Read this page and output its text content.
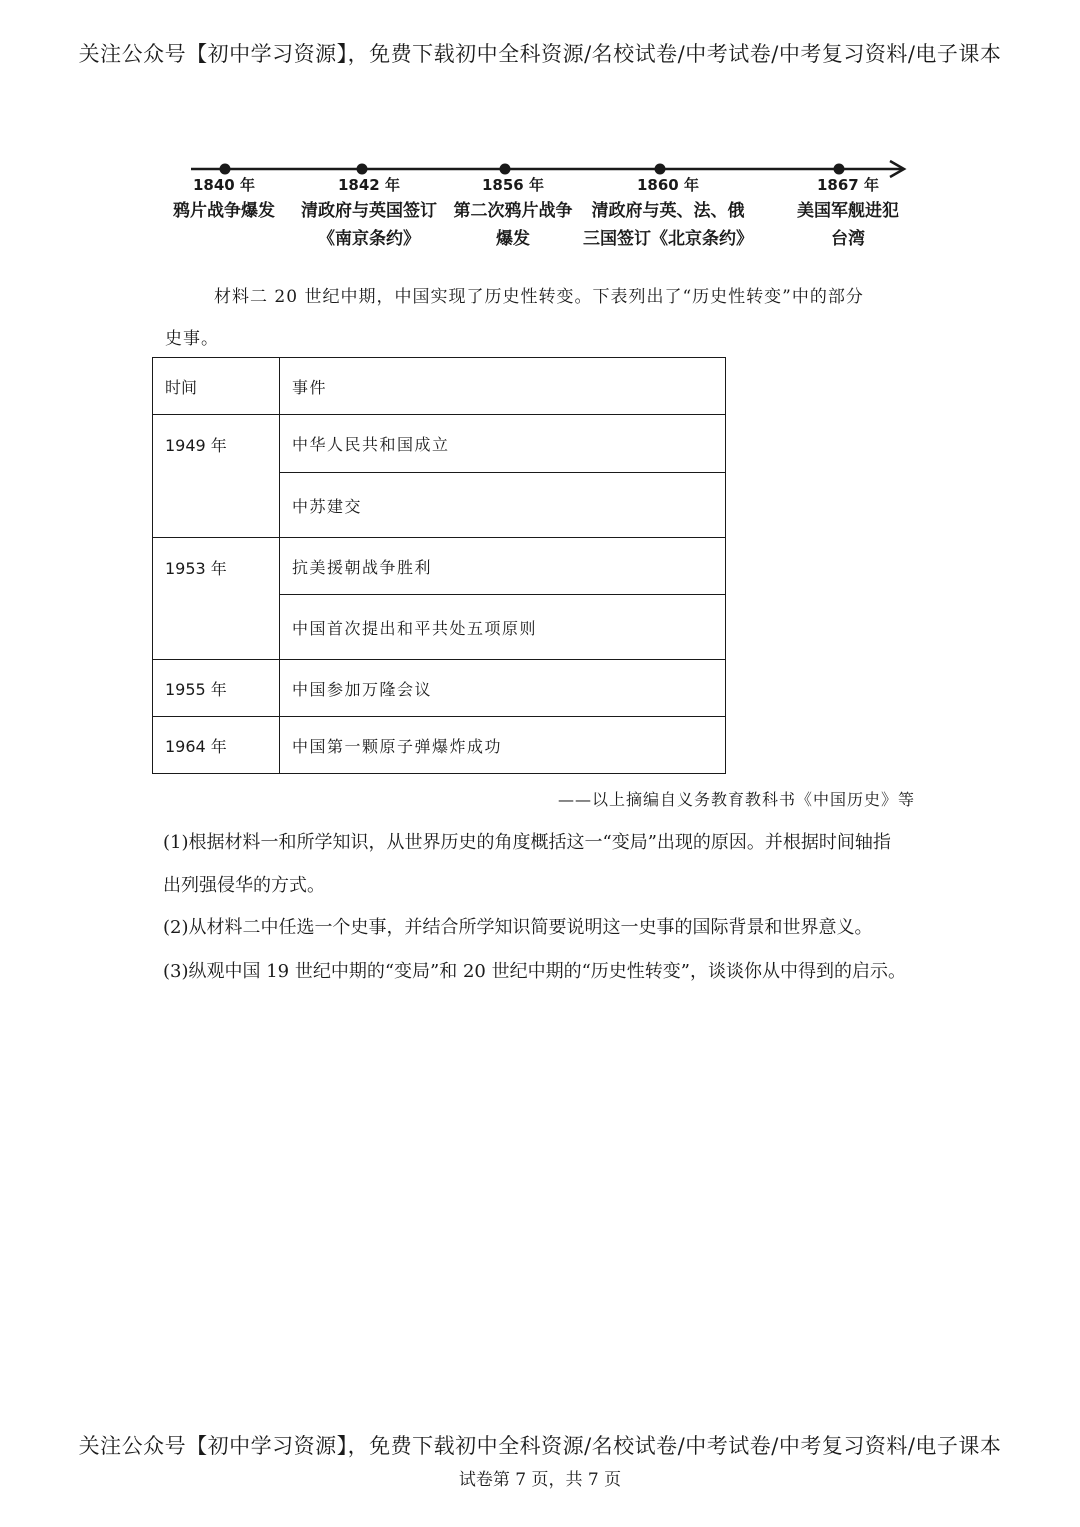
关注公众号【初中学习资源】，免费下载初中全科资源/名校试卷/中考试卷/中考复习资料/电子课本
1840 年
鸦片战争爆发
1842 年
清政府与英国签订
《南京条约》
1856 年
第二次鸦片战争
爆发
1860 年
清政府与英、法、俄
三国签订《北京条约》
1867 年
美国军舰进犯
台湾
材料二 20 世纪中期，中国实现了历史性转变。下表列出了“历史性转变”中的部分
史事。
时间	事件
1949 年	中华人民共和国成立
	中苏建交
1953 年	抗美援朝战争胜利
	中国首次提出和平共处五项原则
1955 年	中国参加万隆会议
1964 年	中国第一颗原子弹爆炸成功
——以上摘编自义务教育教科书《中国历史》等
(1)根据材料一和所学知识，从世界历史的角度概括这一“变局”出现的原因。并根据时间轴指
出列强侵华的方式。
(2)从材料二中任选一个史事，并结合所学知识简要说明这一史事的国际背景和世界意义。
(3)纵观中国 19 世纪中期的“变局”和 20 世纪中期的“历史性转变”，谈谈你从中得到的启示。
关注公众号【初中学习资源】，免费下载初中全科资源/名校试卷/中考试卷/中考复习资料/电子课本
试卷第 7 页，共 7 页
